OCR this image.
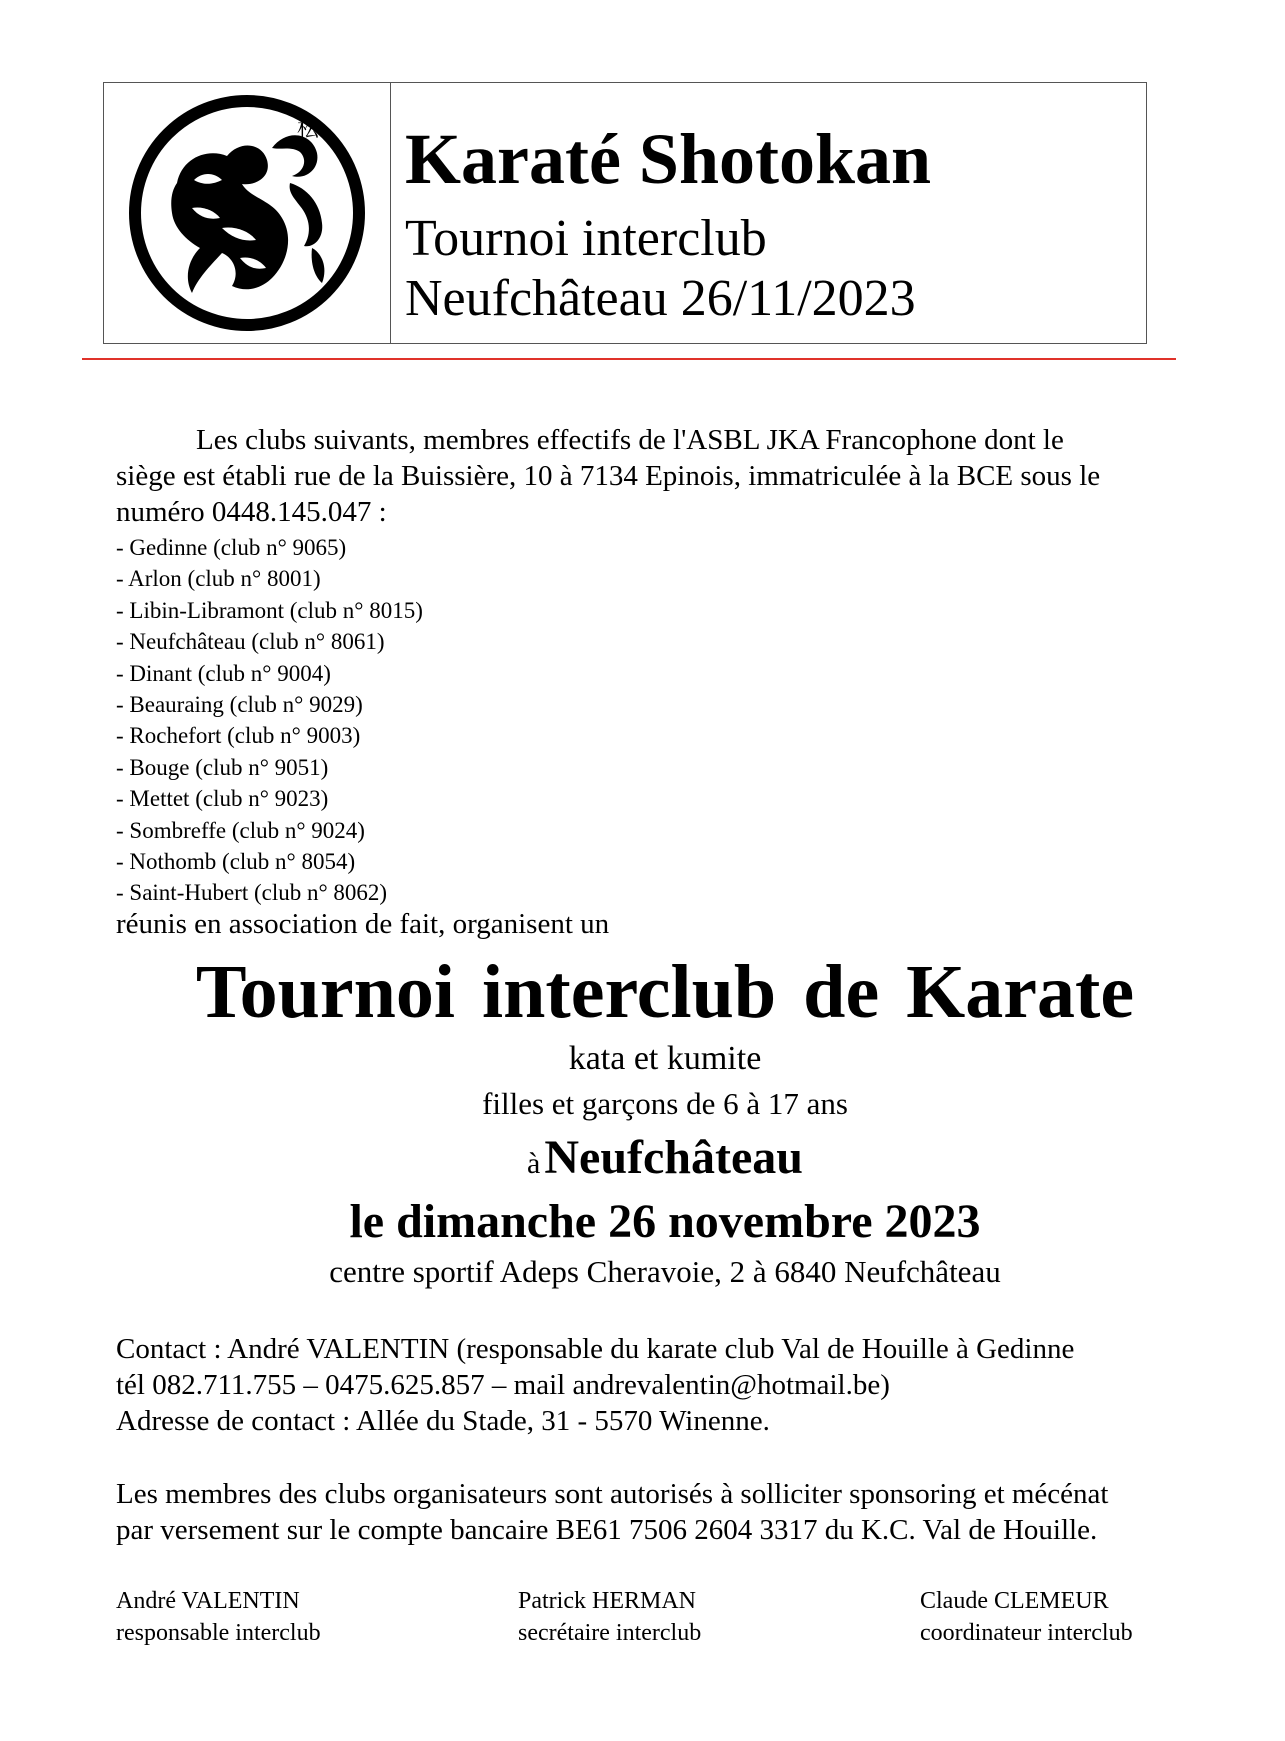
松 Karaté Shotokan
Tournoi interclub
Neufchâteau 26/11/2023
Les clubs suivants, membres effectifs de l'ASBL JKA Francophone dont le
siège est établi rue de la Buissière, 10 à 7134 Epinois, immatriculée à la BCE sous le
numéro 0448.145.047 :
- Gedinne (club n° 9065)
- Arlon (club n° 8001)
- Libin-Libramont (club n° 8015)
- Neufchâteau (club n° 8061)
- Dinant (club n° 9004)
- Beauraing (club n° 9029)
- Rochefort (club n° 9003)
- Bouge (club n° 9051)
- Mettet (club n° 9023)
- Sombreffe (club n° 9024)
- Nothomb (club n° 8054)
- Saint-Hubert (club n° 8062)
réunis en association de fait, organisent un
Tournoi interclub de Karate
kata et kumite
filles et garçons de 6 à 17 ans
à Neufchâteau
le dimanche 26 novembre 2023
centre sportif Adeps Cheravoie, 2 à 6840 Neufchâteau
Contact : André VALENTIN (responsable du karate club Val de Houille à Gedinne
tél 082.711.755 – 0475.625.857 – mail andrevalentin@hotmail.be)
Adresse de contact : Allée du Stade, 31 - 5570 Winenne.
Les membres des clubs organisateurs sont autorisés à solliciter sponsoring et mécénat
par versement sur le compte bancaire BE61 7506 2604 3317 du K.C. Val de Houille.
André VALENTIN
responsable interclub
Patrick HERMAN
secrétaire interclub
Claude CLEMEUR
coordinateur interclub
